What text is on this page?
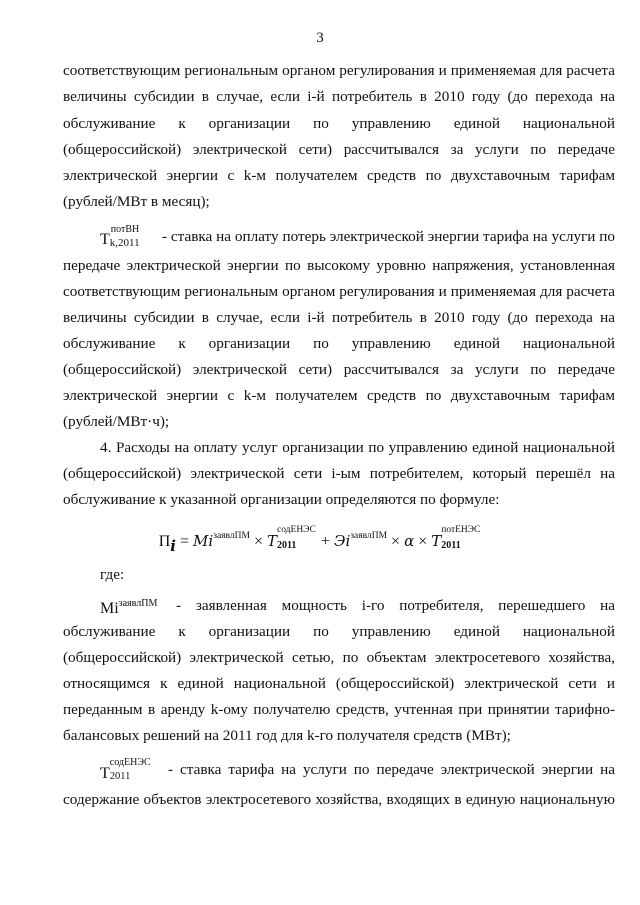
3
соответствующим региональным органом регулирования и применяемая для расчета
величины субсидии в случае, если i-й потребитель в 2010 году (до перехода на
обслуживание к организации по управлению единой национальной
(общероссийской) электрической сети) рассчитывался за услуги по передаче
электрической энергии с k-м получателем средств по двухставочным тарифам
(рублей/МВт в месяц);
Т
потВН
k,2011 - ставка на оплату потерь электрической энергии тарифа на услуги по
передаче электрической энергии по высокому уровню напряжения, установленная
соответствующим региональным органом регулирования и применяемая для расчета
величины субсидии в случае, если i-й потребитель в 2010 году (до перехода на
обслуживание к организации по управлению единой национальной
(общероссийской) электрической сети) рассчитывался за услуги по передаче
электрической энергии с k-м получателем средств по двухставочным тарифам
(рублей/МВт·ч);
4. Расходы на оплату услуг организации по управлению единой национальной
(общероссийской) электрической сети i-ым потребителем, который перешёл на
обслуживание к указанной организации определяются по формуле:
Пi = $Mi^{заявлПМ} \times T$
содЕНЭС
$2011 + Эi^{заявлПМ} \times \alpha \times T$
потЕНЭС
2011
где:
$Mi^{заявлПМ}$ - заявленная мощность i-го потребителя, перешедшего на
обслуживание к организации по управлению единой национальной
(общероссийской) электрической сетью, по объектам электросетевого хозяйства,
относящимся к единой национальной (общероссийской) электрической сети и
переданным в аренду k-ому получателю средств, учтенная при принятии тарифно-
балансовых решений на 2011 год для k-го получателя средств (МВт);
Т
содЕНЭС
2011 - ставка тарифа на услуги по передаче электрической энергии на
содержание объектов электросетевого хозяйства, входящих в единую национальную
